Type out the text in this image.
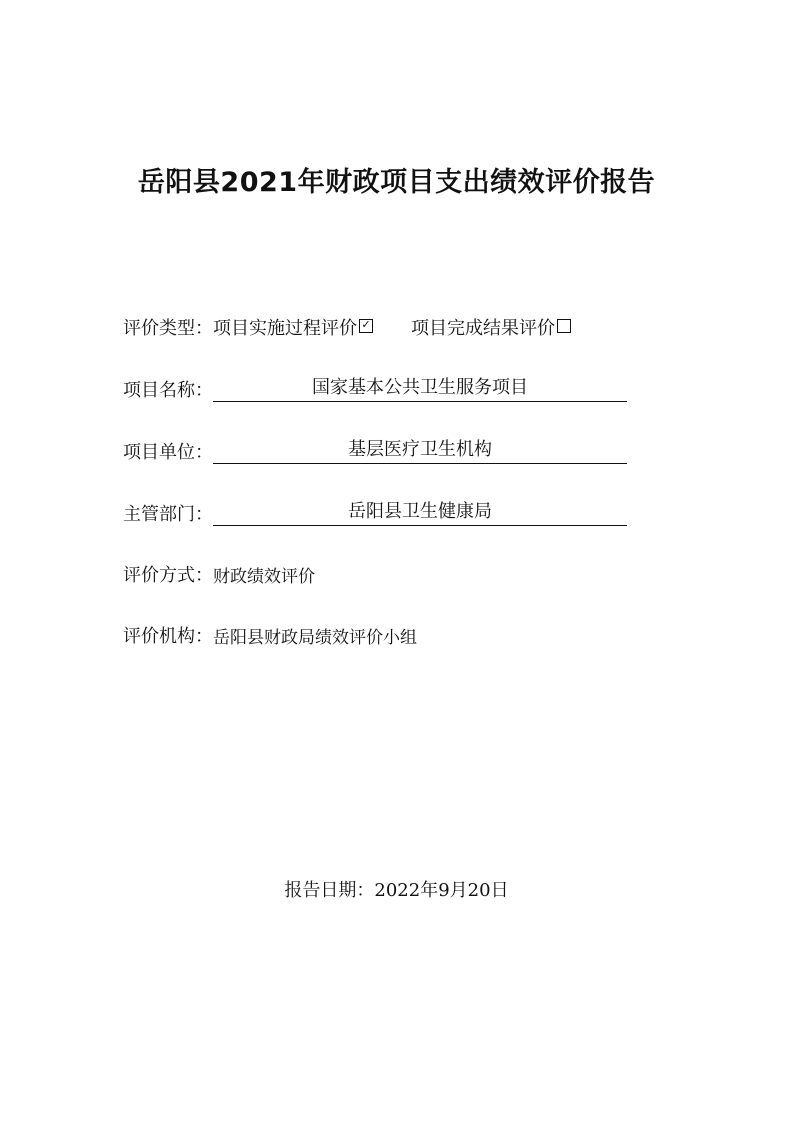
岳阳县2021年财政项目支出绩效评价报告
评价类型： 项目实施过程评价
✓	项目完成结果评价
项目名称：	国家基本公共卫生服务项目
项目单位：	基层医疗卫生机构
主管部门：	岳阳县卫生健康局
评价方式： 财政绩效评价
评价机构： 岳阳县财政局绩效评价小组
报告日期：2022年9月20日
